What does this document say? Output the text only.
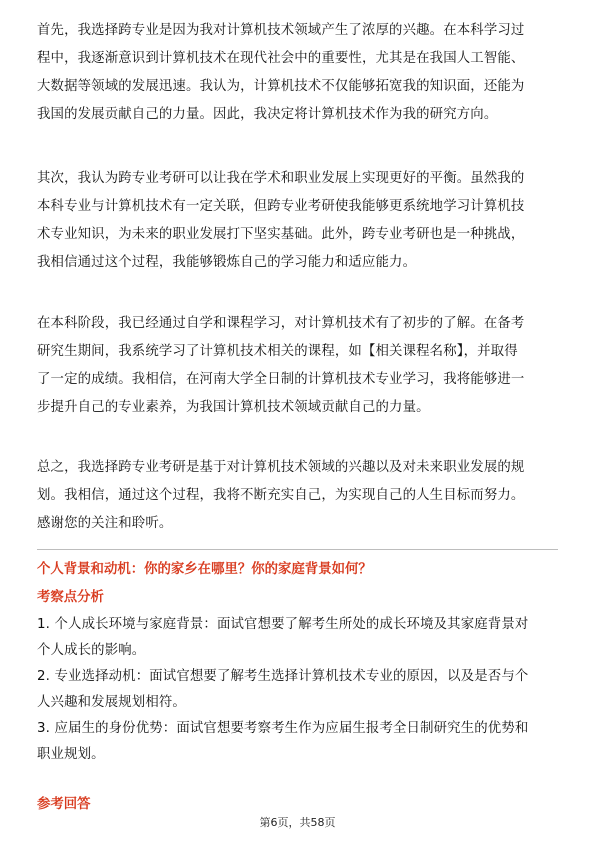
首先，我选择跨专业是因为我对计算机技术领域产生了浓厚的兴趣。在本科学习过
程中，我逐渐意识到计算机技术在现代社会中的重要性，尤其是在我国人工智能、
大数据等领域的发展迅速。我认为，计算机技术不仅能够拓宽我的知识面，还能为
我国的发展贡献自己的力量。因此，我决定将计算机技术作为我的研究方向。
其次，我认为跨专业考研可以让我在学术和职业发展上实现更好的平衡。虽然我的
本科专业与计算机技术有一定关联，但跨专业考研使我能够更系统地学习计算机技
术专业知识，为未来的职业发展打下坚实基础。此外，跨专业考研也是一种挑战，
我相信通过这个过程，我能够锻炼自己的学习能力和适应能力。
在本科阶段，我已经通过自学和课程学习，对计算机技术有了初步的了解。在备考
研究生期间，我系统学习了计算机技术相关的课程，如【相关课程名称】，并取得
了一定的成绩。我相信，在河南大学全日制的计算机技术专业学习，我将能够进一
步提升自己的专业素养，为我国计算机技术领域贡献自己的力量。
总之，我选择跨专业考研是基于对计算机技术领域的兴趣以及对未来职业发展的规
划。我相信，通过这个过程，我将不断充实自己，为实现自己的人生目标而努力。
感谢您的关注和聆听。
个人背景和动机：你的家乡在哪里？你的家庭背景如何？
考察点分析
1. 个人成长环境与家庭背景：面试官想要了解考生所处的成长环境及其家庭背景对
个人成长的影响。
2. 专业选择动机：面试官想要了解考生选择计算机技术专业的原因，以及是否与个
人兴趣和发展规划相符。
3. 应届生的身份优势：面试官想要考察考生作为应届生报考全日制研究生的优势和
职业规划。
参考回答
第6页，共58页
